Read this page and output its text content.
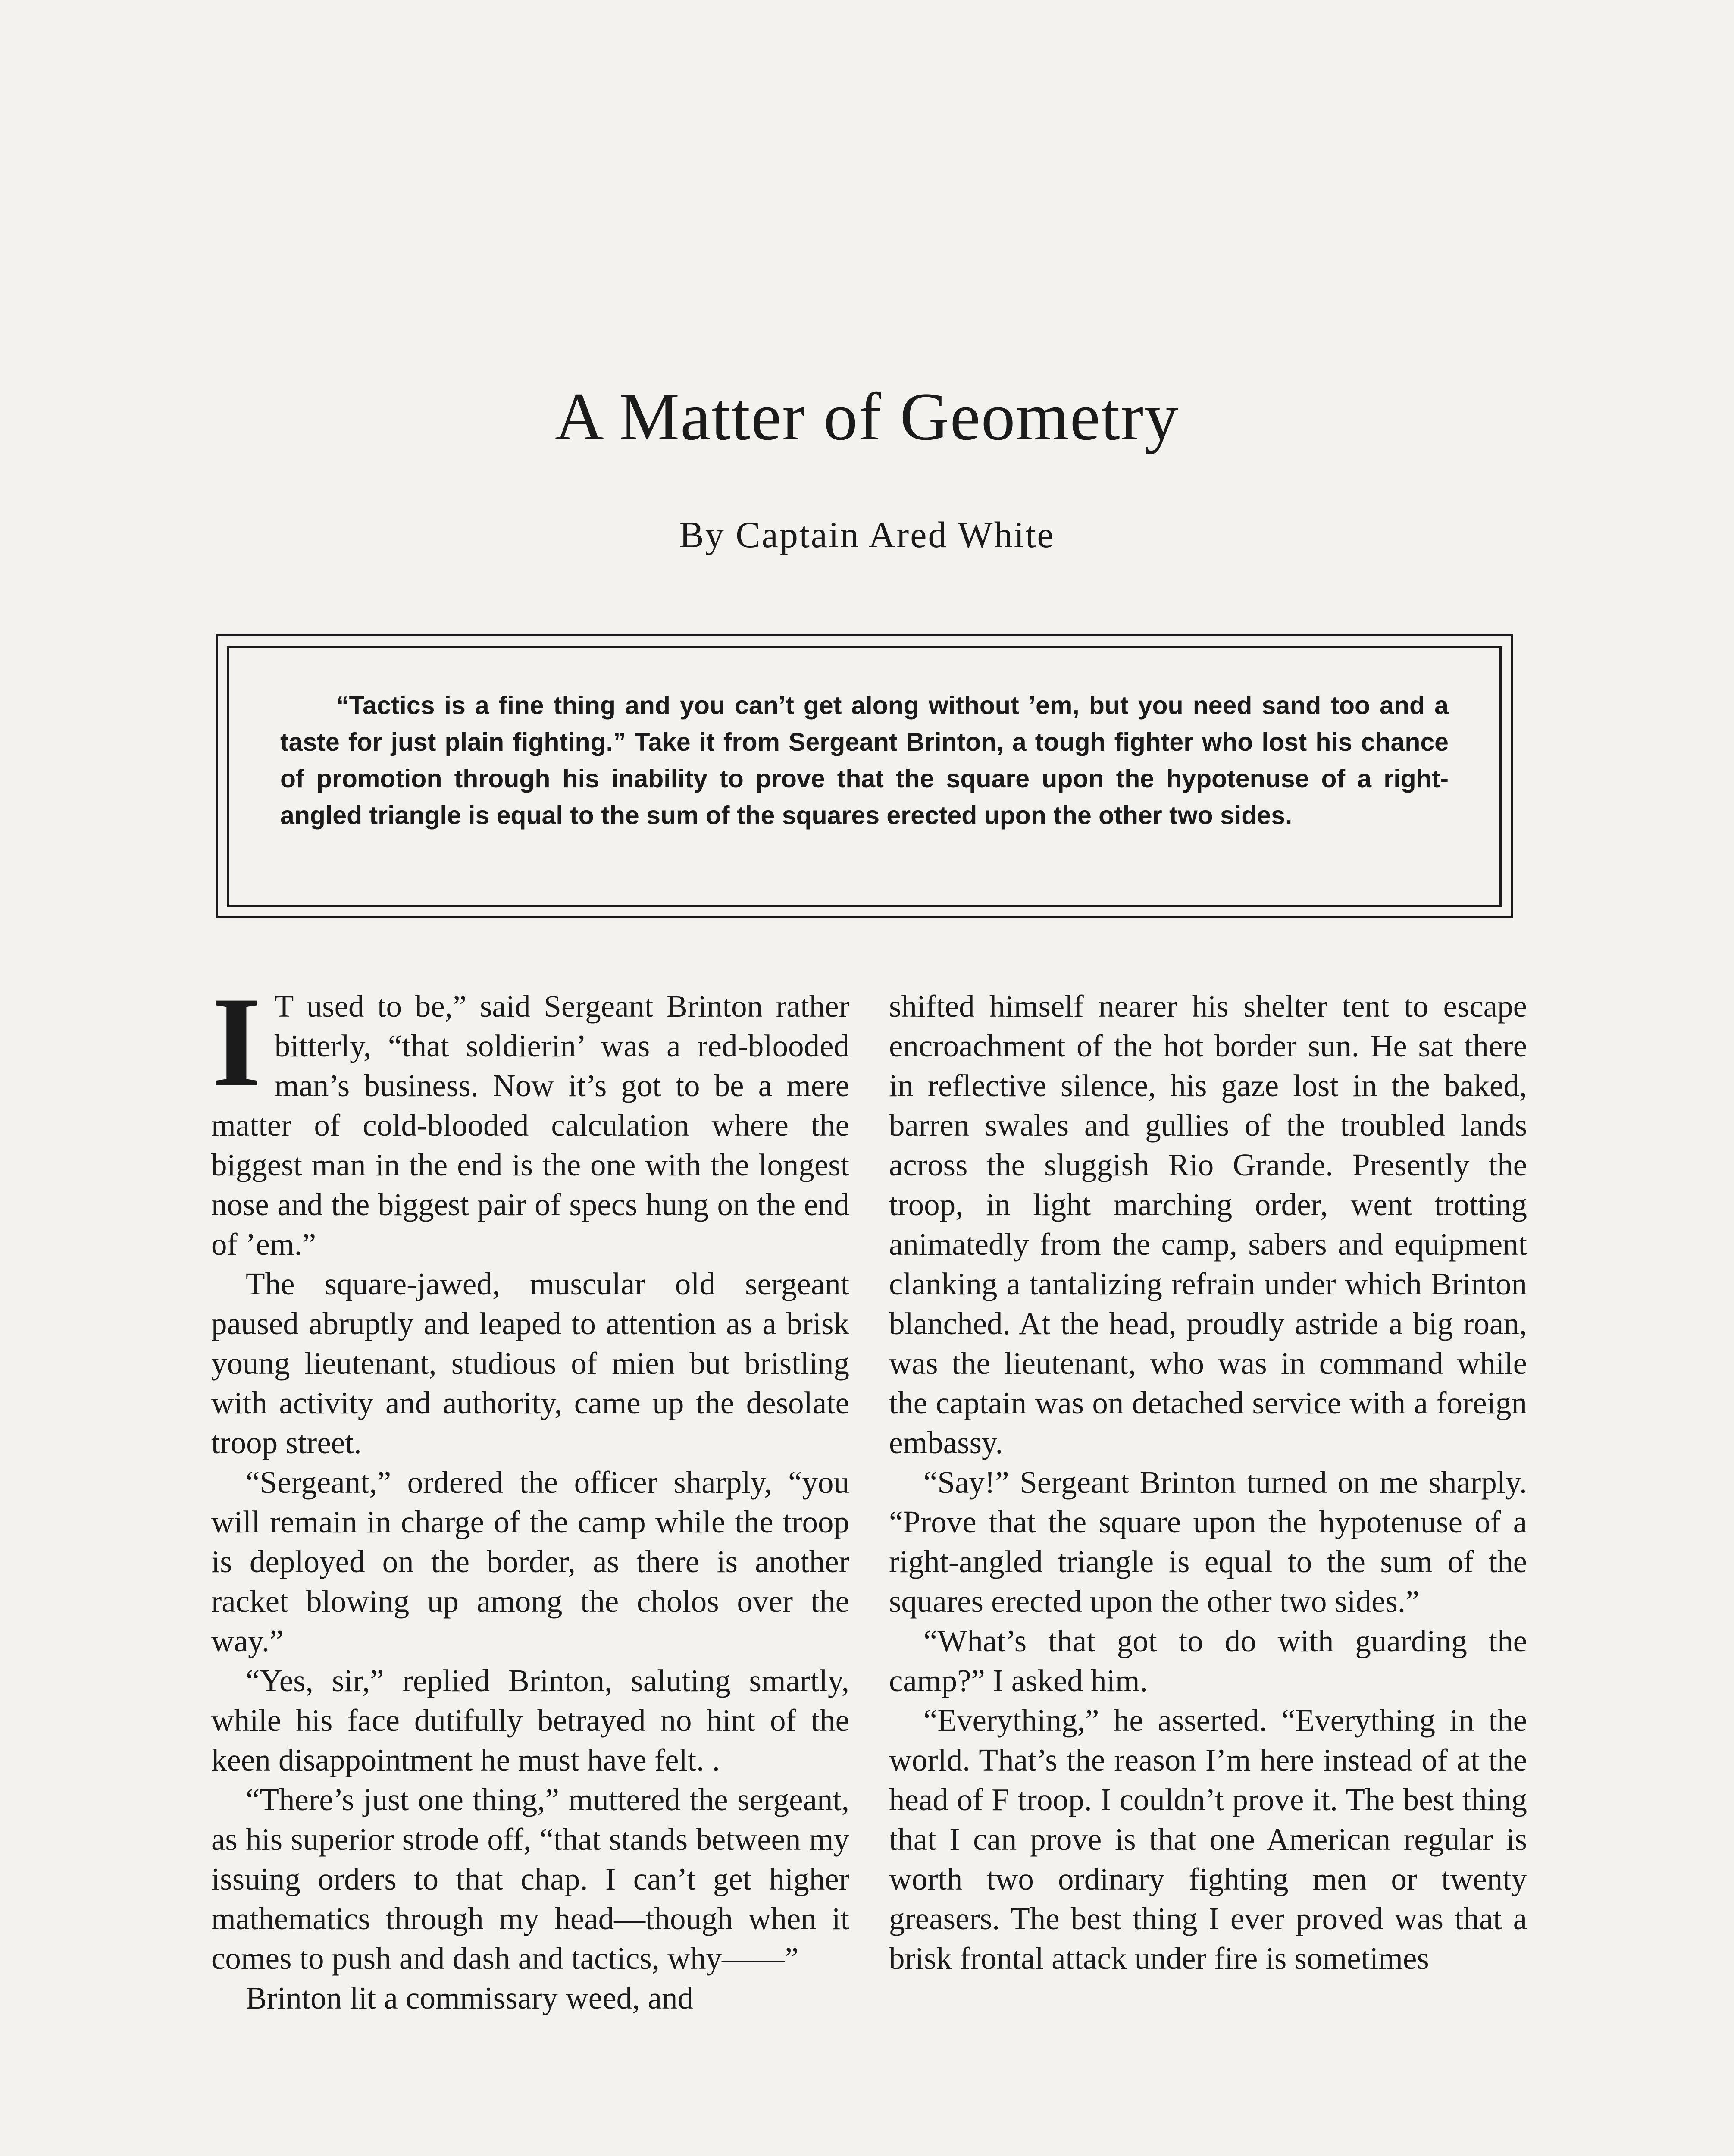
A Matter of Geometry

By Captain Ared White

“Tactics is a fine thing and you can’t get along without ’em, but you need sand too and a taste for just plain fighting.” Take it from Sergeant Brinton, a tough fighter who lost his chance of promotion through his inability to prove that the square upon the hypotenuse of a right-angled triangle is equal to the sum of the squares erected upon the other two sides.

I T used to be,” said Sergeant Brinton rather bitterly, “that soldierin’ was a red-blooded man’s business. Now it’s got to be a mere matter of cold-blooded calculation where the biggest man in the end is the one with the longest nose and the biggest pair of specs hung on the end of ’em.”

The square-jawed, muscular old sergeant paused abruptly and leaped to attention as a brisk young lieutenant, studious of mien but bristling with activity and authority, came up the desolate troop street.

“Sergeant,” ordered the officer sharply, “you will remain in charge of the camp while the troop is deployed on the border, as there is another racket blowing up among the cholos over the way.”

“Yes, sir,” replied Brinton, saluting smartly, while his face dutifully betrayed no hint of the keen disappointment he must have felt. .

“There’s just one thing,” muttered the sergeant, as his superior strode off, “that stands between my issuing orders to that chap. I can’t get higher mathematics through my head—though when it comes to push and dash and tactics, why——”

Brinton lit a commissary weed, and

shifted himself nearer his shelter tent to escape encroachment of the hot border sun. He sat there in reflective silence, his gaze lost in the baked, barren swales and gullies of the troubled lands across the sluggish Rio Grande. Presently the troop, in light marching order, went trotting animatedly from the camp, sabers and equipment clanking a tantalizing refrain under which Brinton blanched. At the head, proudly astride a big roan, was the lieutenant, who was in command while the captain was on detached service with a foreign embassy.

“Say!” Sergeant Brinton turned on me sharply. “Prove that the square upon the hypotenuse of a right-angled triangle is equal to the sum of the squares erected upon the other two sides.”

“What’s that got to do with guarding the camp?” I asked him.

“Everything,” he asserted. “Everything in the world. That’s the reason I’m here instead of at the head of F troop. I couldn’t prove it. The best thing that I can prove is that one American regular is worth two ordinary fighting men or twenty greasers. The best thing I ever proved was that a brisk frontal attack under fire is sometimes
